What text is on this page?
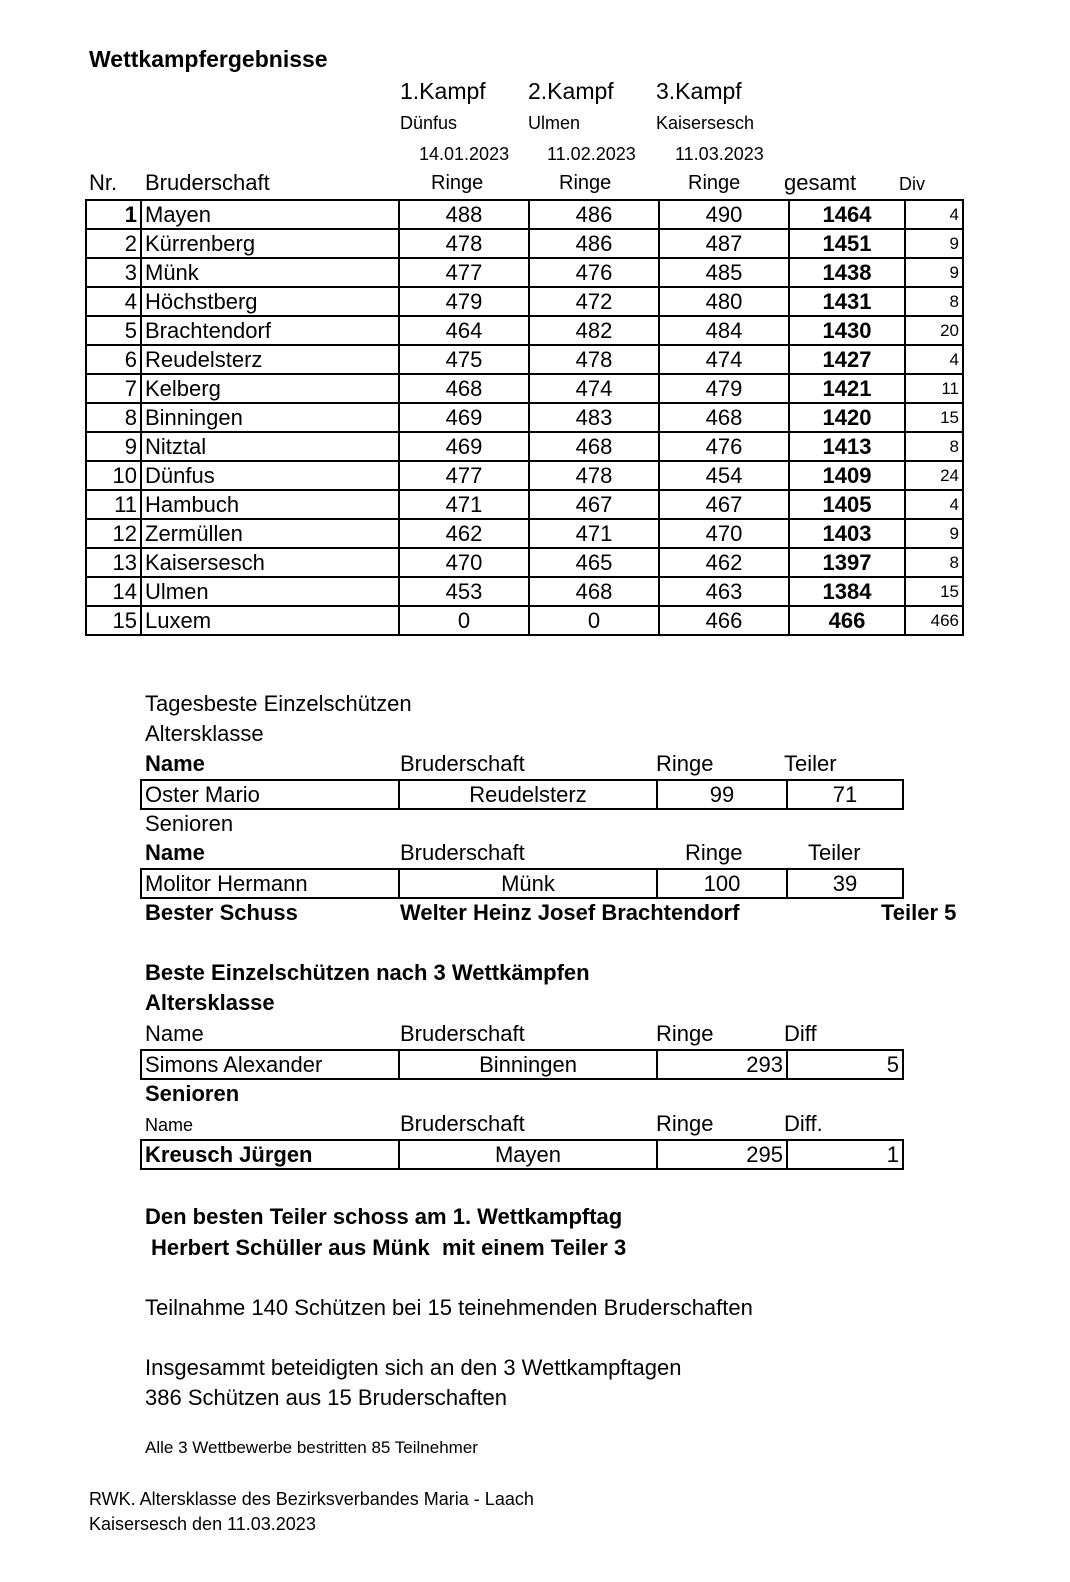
Wettkampfergebnisse
1.Kampf 2.Kampf 3.Kampf
Dünfus	Ulmen	Kaisersesch
14.01.2023 11.02.2023 11.03.2023
Nr. Bruderschaft	Ringe	Ringe	Ringe gesamt Div
1	Mayen	488	486	490	1464	4
2	Kürrenberg	478	486	487	1451	9
3	Münk	477	476	485	1438	9
4	Höchstberg	479	472	480	1431	8
5	Brachtendorf	464	482	484	1430	20
6	Reudelsterz	475	478	474	1427	4
7	Kelberg	468	474	479	1421	11
8	Binningen	469	483	468	1420	15
9	Nitztal	469	468	476	1413	8
10	Dünfus	477	478	454	1409	24
11	Hambuch	471	467	467	1405	4
12	Zermüllen	462	471	470	1403	9
13	Kaisersesch	470	465	462	1397	8
14	Ulmen	453	468	463	1384	15
15	Luxem	0	0	466	466	466
Tagesbeste Einzelschützen
Altersklasse
Name	Bruderschaft	Ringe	Teiler
Oster Mario	Reudelsterz	99	71
Senioren
Name	Bruderschaft	Ringe	Teiler
Molitor Hermann	Münk	100	39
Bester Schuss	Welter Heinz Josef Brachtendorf	Teiler 5
Beste Einzelschützen nach 3 Wettkämpfen
Altersklasse
Name	Bruderschaft	Ringe	Diff
Simons Alexander	Binningen	293	5
Senioren
Name	Bruderschaft	Ringe	Diff.
Kreusch Jürgen	Mayen	295	1
Den besten Teiler schoss am 1. Wettkampftag
Herbert Schüller aus Münk  mit einem Teiler 3
Teilnahme 140 Schützen bei 15 teinehmenden Bruderschaften
Insgesammt beteidigten sich an den 3 Wettkampftagen
386 Schützen aus 15 Bruderschaften
Alle 3 Wettbewerbe bestritten 85 Teilnehmer
RWK. Altersklasse des Bezirksverbandes Maria - Laach
Kaisersesch den 11.03.2023
